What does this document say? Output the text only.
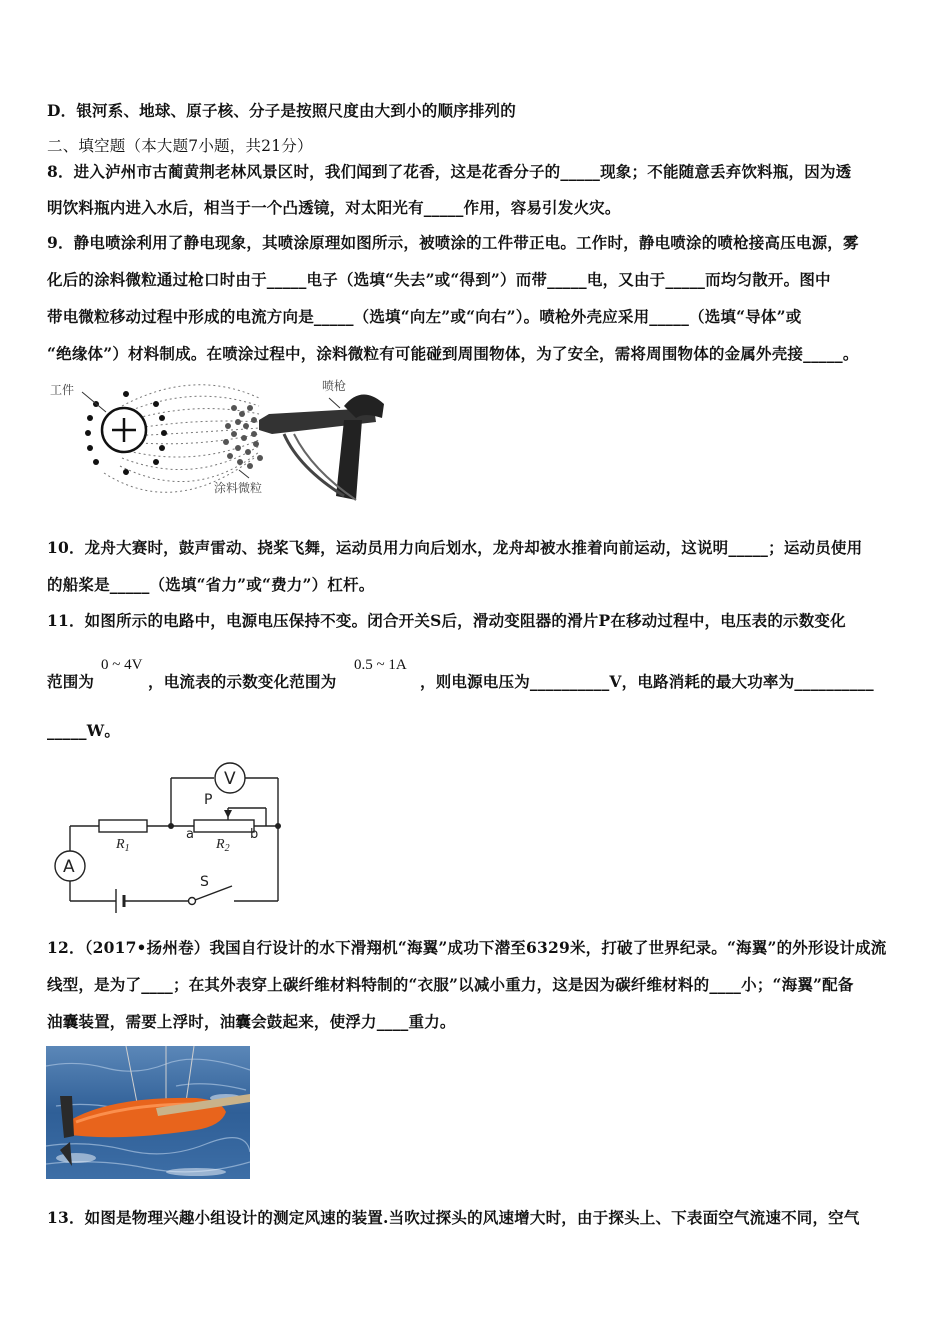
D．银河系、地球、原子核、分子是按照尺度由大到小的顺序排列的
二、填空题（本大题7小题，共21分）
8．进入泸州市古蔺黄荆老林风景区时，我们闻到了花香，这是花香分子的_____现象；不能随意丢弃饮料瓶，因为透
明饮料瓶内进入水后，相当于一个凸透镜，对太阳光有_____作用，容易引发火灾。
9．静电喷涂利用了静电现象，其喷涂原理如图所示，被喷涂的工件带正电。工作时，静电喷涂的喷枪接高压电源，雾
化后的涂料微粒通过枪口时由于_____电子（选填“失去”或“得到”）而带_____电，又由于_____而均匀散开。图中
带电微粒移动过程中形成的电流方向是_____（选填“向左”或“向右”）。喷枪外壳应采用_____（选填“导体”或
“绝缘体”）材料制成。在喷涂过程中，涂料微粒有可能碰到周围物体，为了安全，需将周围物体的金属外壳接_____。
工件	喷枪
涂料微粒
10．龙舟大赛时，鼓声雷动、挠桨飞舞，运动员用力向后划水，龙舟却被水推着向前运动，这说明_____；运动员使用
的船桨是_____（选填“省力”或“费力”）杠杆。
11．如图所示的电路中，电源电压保持不变。闭合开关S后，滑动变阻器的滑片P在移动过程中，电压表的示数变化
范围为
0 ~ 4V
，电流表的示数变化范围为
0.5 ~ 1A
，则电源电压为__________V，电路消耗的最大功率为__________
_____W。
V
A
P
$R_1$	$R_2$
a	b
S
12．（2017•扬州卷）我国自行设计的水下滑翔机“海翼”成功下潜至6329米，打破了世界纪录。“海翼”的外形设计成流
线型，是为了____；在其外表穿上碳纤维材料特制的“衣服”以减小重力，这是因为碳纤维材料的____小；“海翼”配备
油囊装置，需要上浮时，油囊会鼓起来，使浮力____重力。
13．如图是物理兴趣小组设计的测定风速的装置.当吹过探头的风速增大时，由于探头上、下表面空气流速不同，空气
